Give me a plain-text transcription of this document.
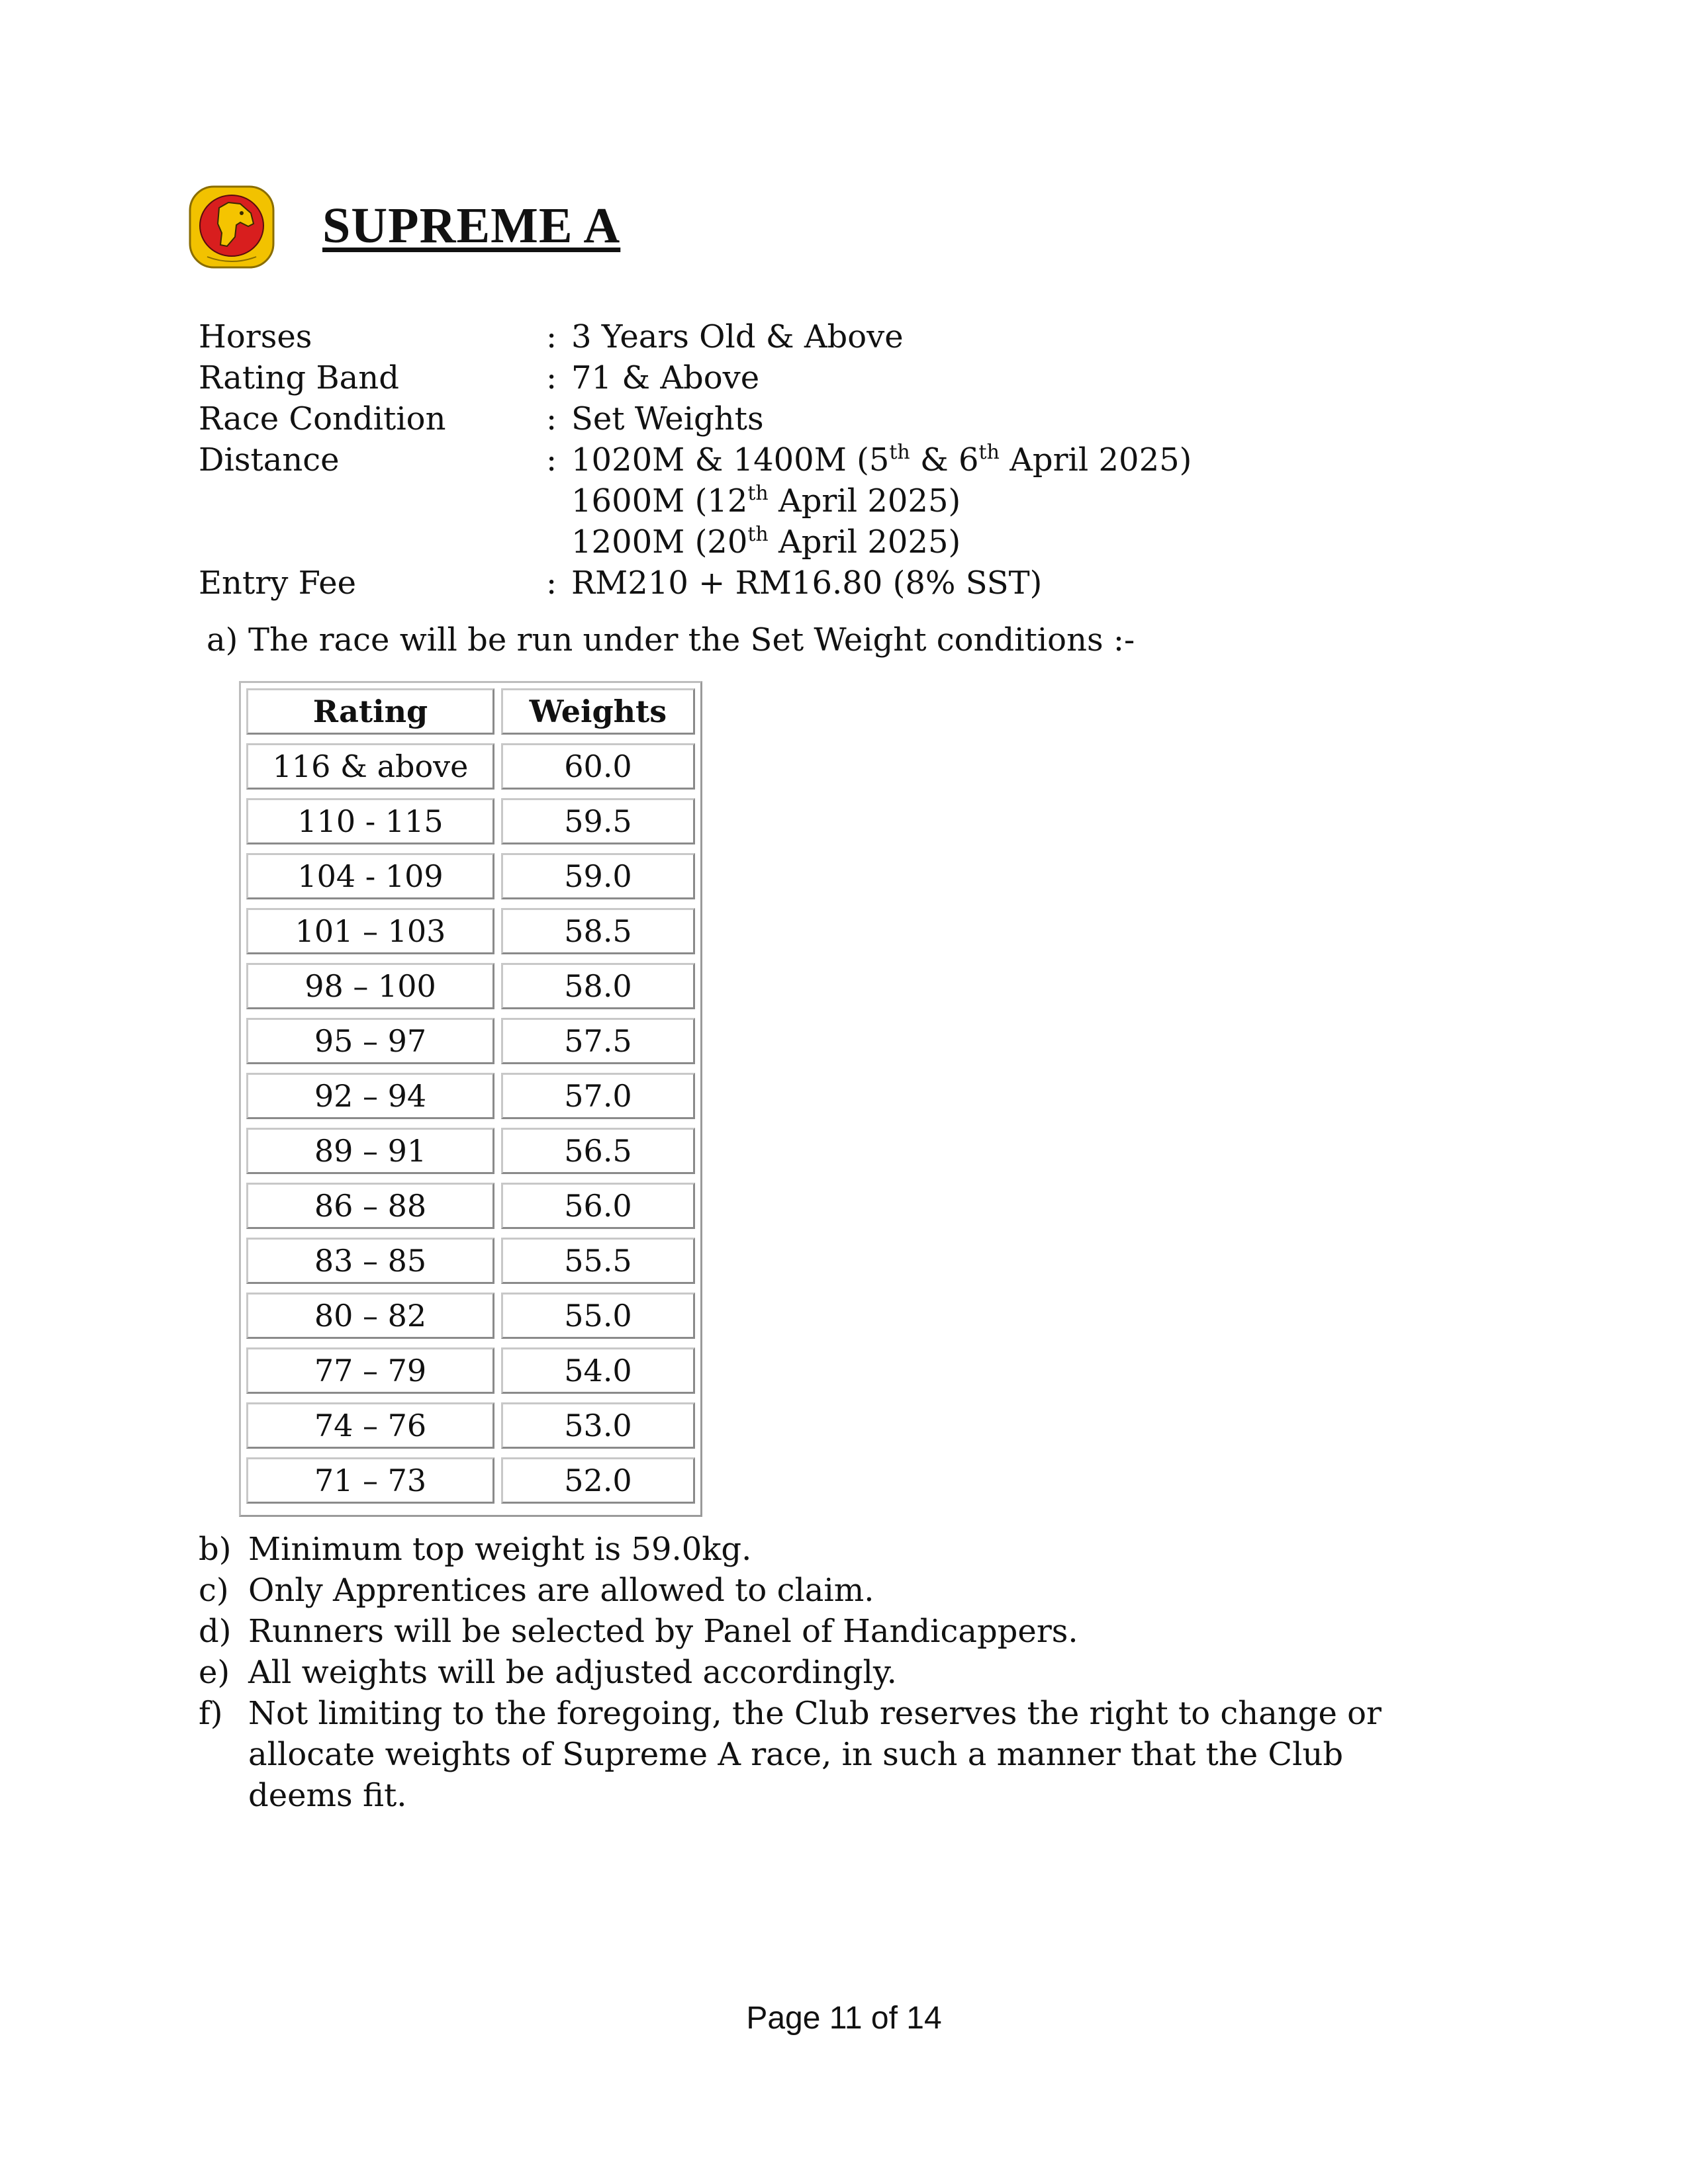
SUPREME A
Horses	: 3 Years Old & Above
Rating Band	: 71 & Above
Race Condition	: Set Weights
Distance	: 1020M & 1400M (5th & 6th April 2025)
1600M (12th April 2025)
1200M (20th April 2025)
Entry Fee	: RM210 + RM16.80 (8% SST)
a) The race will be run under the Set Weight conditions :-
Rating	Weights
116 & above	60.0
110 - 115	59.5
104 - 109	59.0
101 – 103	58.5
98 – 100	58.0
95 – 97	57.5
92 – 94	57.0
89 – 91	56.5
86 – 88	56.0
83 – 85	55.5
80 – 82	55.0
77 – 79	54.0
74 – 76	53.0
71 – 73	52.0
b) Minimum top weight is 59.0kg.
c) Only Apprentices are allowed to claim.
d) Runners will be selected by Panel of Handicappers.
e) All weights will be adjusted accordingly.
f) Not limiting to the foregoing, the Club reserves the right to change or allocate weights of Supreme A race, in such a manner that the Club deems fit.
Page 11 of 14
